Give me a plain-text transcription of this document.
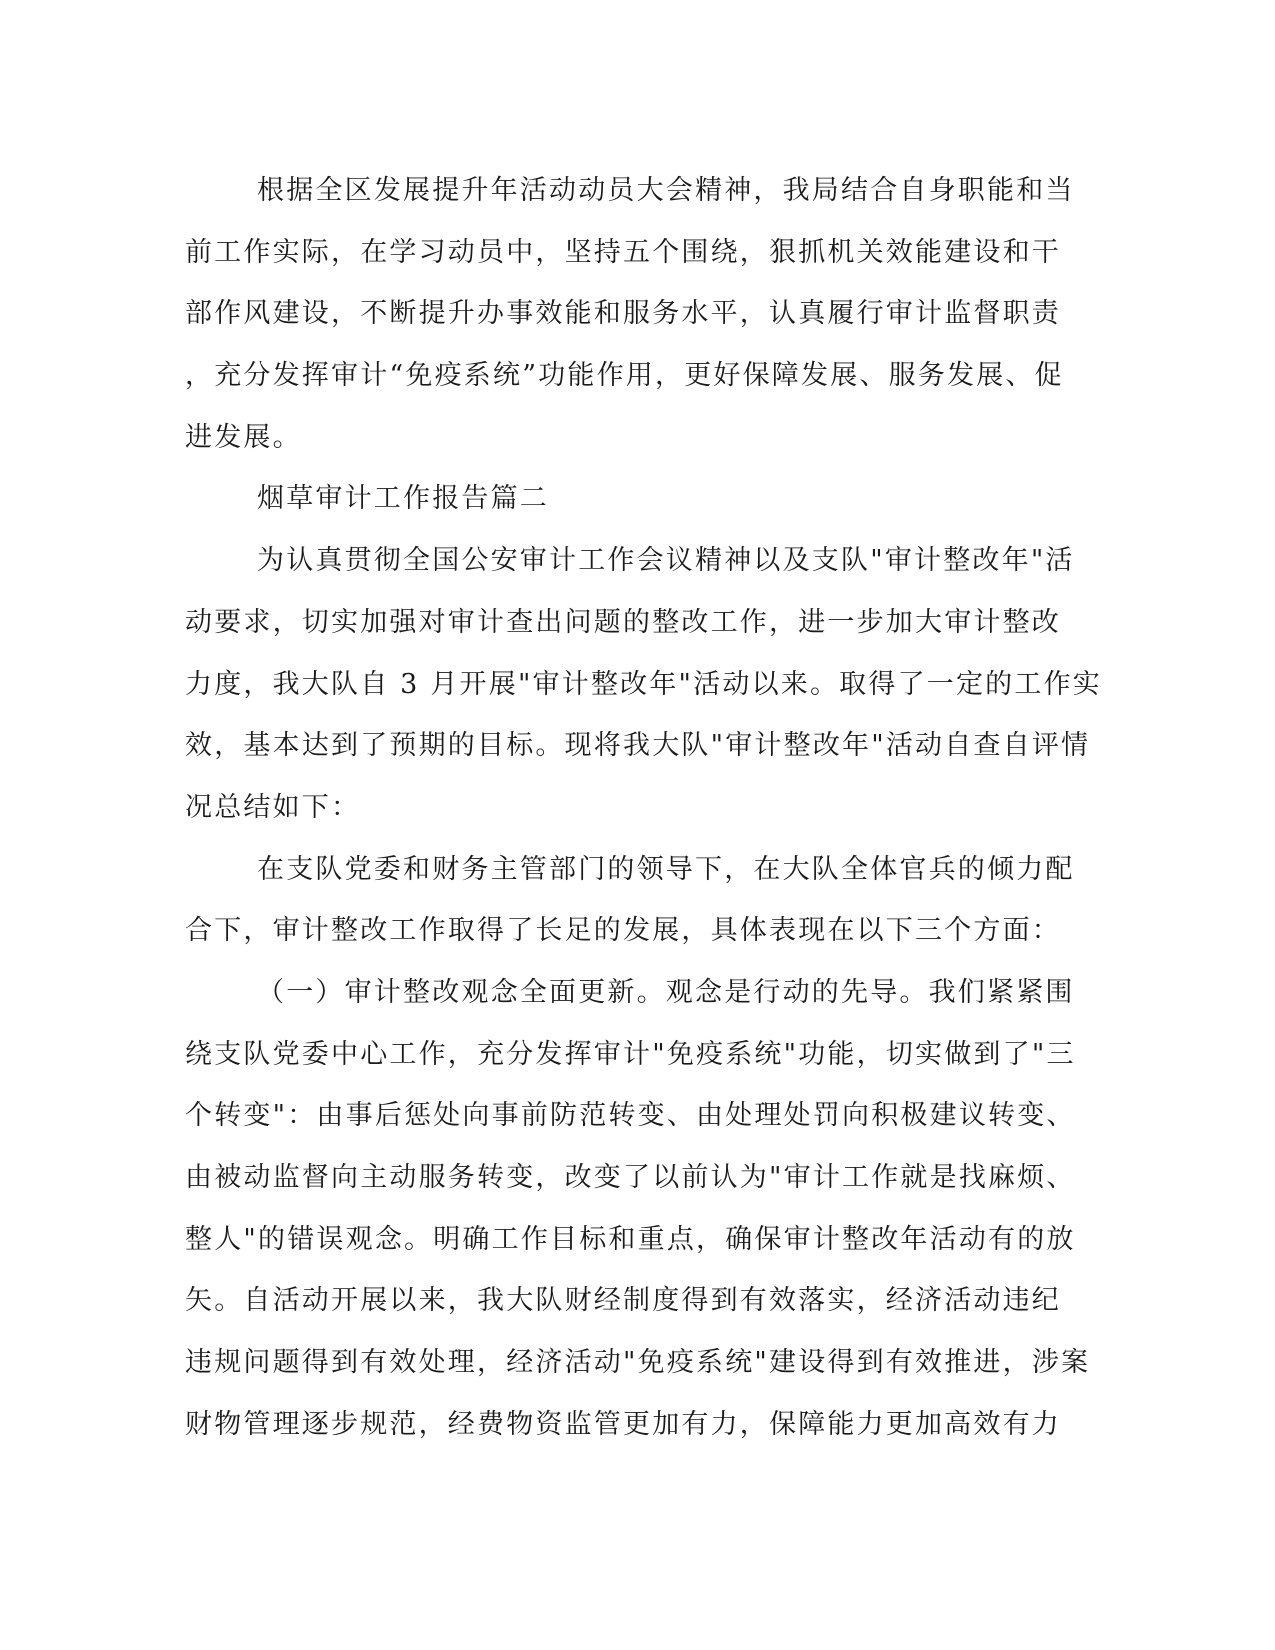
根据全区发展提升年活动动员大会精神，我局结合自身职能和当
前工作实际，在学习动员中，坚持五个围绕，狠抓机关效能建设和干
部作风建设，不断提升办事效能和服务水平，认真履行审计监督职责
，充分发挥审计“免疫系统”功能作用，更好保障发展、服务发展、促
进发展。
烟草审计工作报告篇二
为认真贯彻全国公安审计工作会议精神以及支队"审计整改年"活
动要求，切实加强对审计查出问题的整改工作，进一步加大审计整改
力度，我大队自 3 月开展"审计整改年"活动以来。取得了一定的工作实
效，基本达到了预期的目标。现将我大队"审计整改年"活动自查自评情
况总结如下：
在支队党委和财务主管部门的领导下，在大队全体官兵的倾力配
合下，审计整改工作取得了长足的发展，具体表现在以下三个方面：
（一）审计整改观念全面更新。观念是行动的先导。我们紧紧围
绕支队党委中心工作，充分发挥审计"免疫系统"功能，切实做到了"三
个转变"：由事后惩处向事前防范转变、由处理处罚向积极建议转变、
由被动监督向主动服务转变，改变了以前认为"审计工作就是找麻烦、
整人"的错误观念。明确工作目标和重点，确保审计整改年活动有的放
矢。自活动开展以来，我大队财经制度得到有效落实，经济活动违纪
违规问题得到有效处理，经济活动"免疫系统"建设得到有效推进，涉案
财物管理逐步规范，经费物资监管更加有力，保障能力更加高效有力
